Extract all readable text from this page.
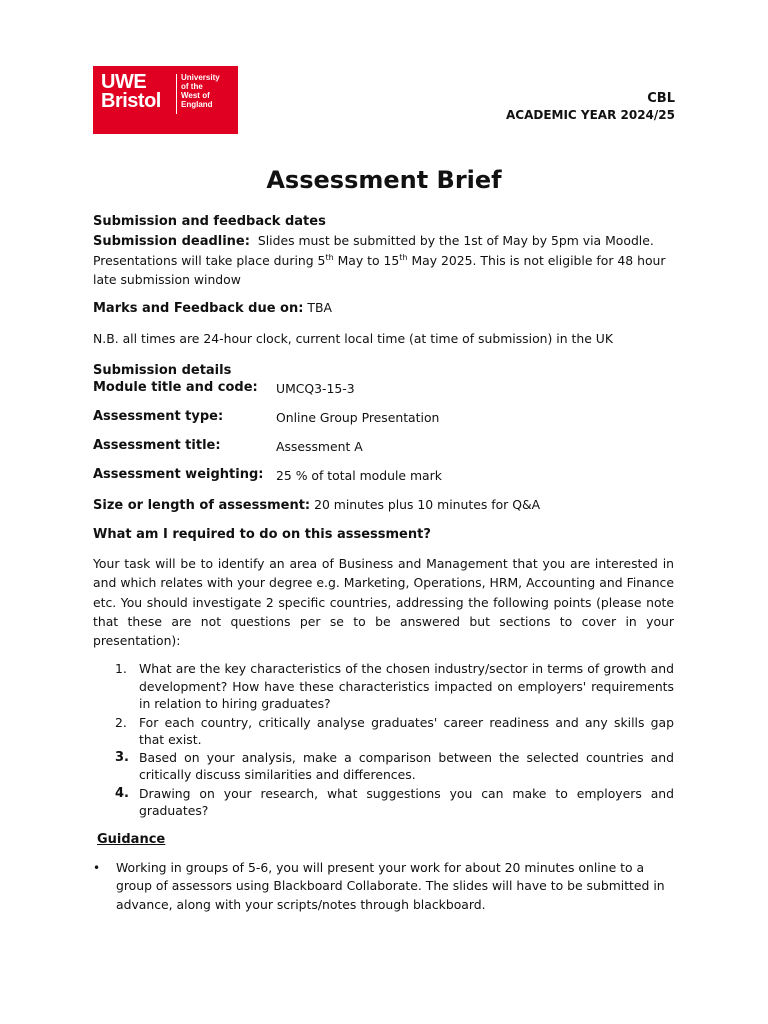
UWE
Bristol
University
of the
West of
England	CBL
ACADEMIC YEAR 2024/25
Assessment Brief
Submission and feedback dates
Submission deadline: Slides must be submitted by the 1st of May by 5pm via Moodle.
Presentations will take place during 5th May to 15th May 2025. This is not eligible for 48 hour
late submission window
Marks and Feedback due on: TBA
N.B. all times are 24-hour clock, current local time (at time of submission) in the UK
Submission details
Module title and code: UMCQ3-15-3
Assessment type:	Online Group Presentation
Assessment title:	Assessment A
Assessment weighting: 25 % of total module mark
Size or length of assessment: 20 minutes plus 10 minutes for Q&A
What am I required to do on this assessment?
Your task will be to identify an area of Business and Management that you are interested in and which relates with your degree e.g. Marketing, Operations, HRM, Accounting and Finance etc. You should investigate 2 specific countries, addressing the following points (please note that these are not questions per se to be answered but sections to cover in your presentation):
1. What are the key characteristics of the chosen industry/sector in terms of growth and development? How have these characteristics impacted on employers' requirements in relation to hiring graduates?
2. For each country, critically analyse graduates' career readiness and any skills gap that exist.
3. Based on your analysis, make a comparison between the selected countries and critically discuss similarities and differences.
4. Drawing on your research, what suggestions you can make to employers and graduates?
Guidance
• Working in groups of 5-6, you will present your work for about 20 minutes online to a group of assessors using Blackboard Collaborate. The slides will have to be submitted in advance, along with your scripts/notes through blackboard.
